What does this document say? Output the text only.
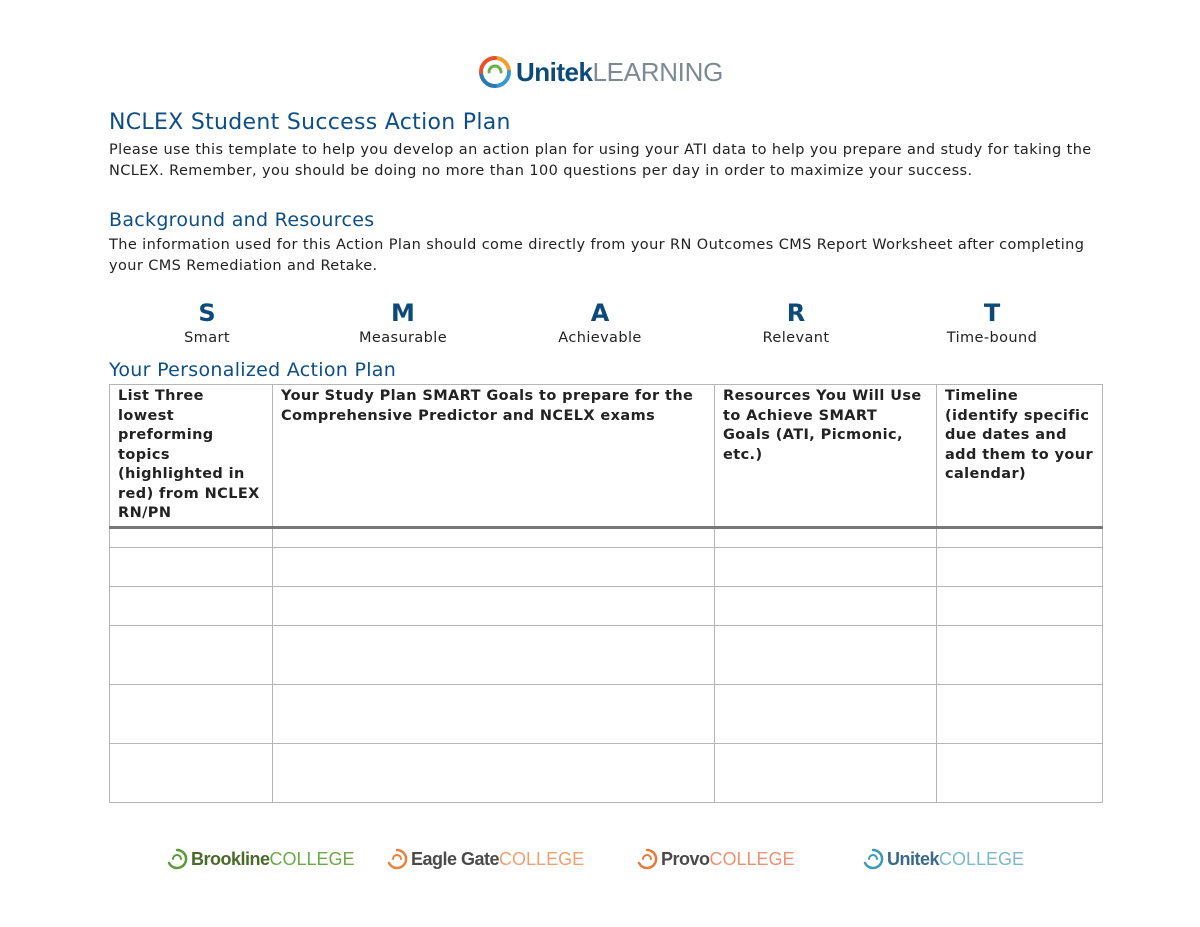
Unitek LEARNING
NCLEX Student Success Action Plan
Please use this template to help you develop an action plan for using your ATI data to help you prepare and study for taking the NCLEX. Remember, you should be doing no more than 100 questions per day in order to maximize your success.
Background and Resources
The information used for this Action Plan should come directly from your RN Outcomes CMS Report Worksheet after completing your CMS Remediation and Retake.
S
Smart
M
Measurable
A
Achievable
R
Relevant
T
Time-bound
Your Personalized Action Plan
List Three lowest preforming topics (highlighted in red) from NCLEX RN/PN	Your Study Plan SMART Goals to prepare for the Comprehensive Predictor and NCELX exams	Resources You Will Use to Achieve SMART Goals (ATI, Picmonic, etc.)	Timeline (identify specific due dates and add them to your calendar)

Brookline COLLEGE	Eagle Gate COLLEGE	Provo COLLEGE	Unitek COLLEGE
